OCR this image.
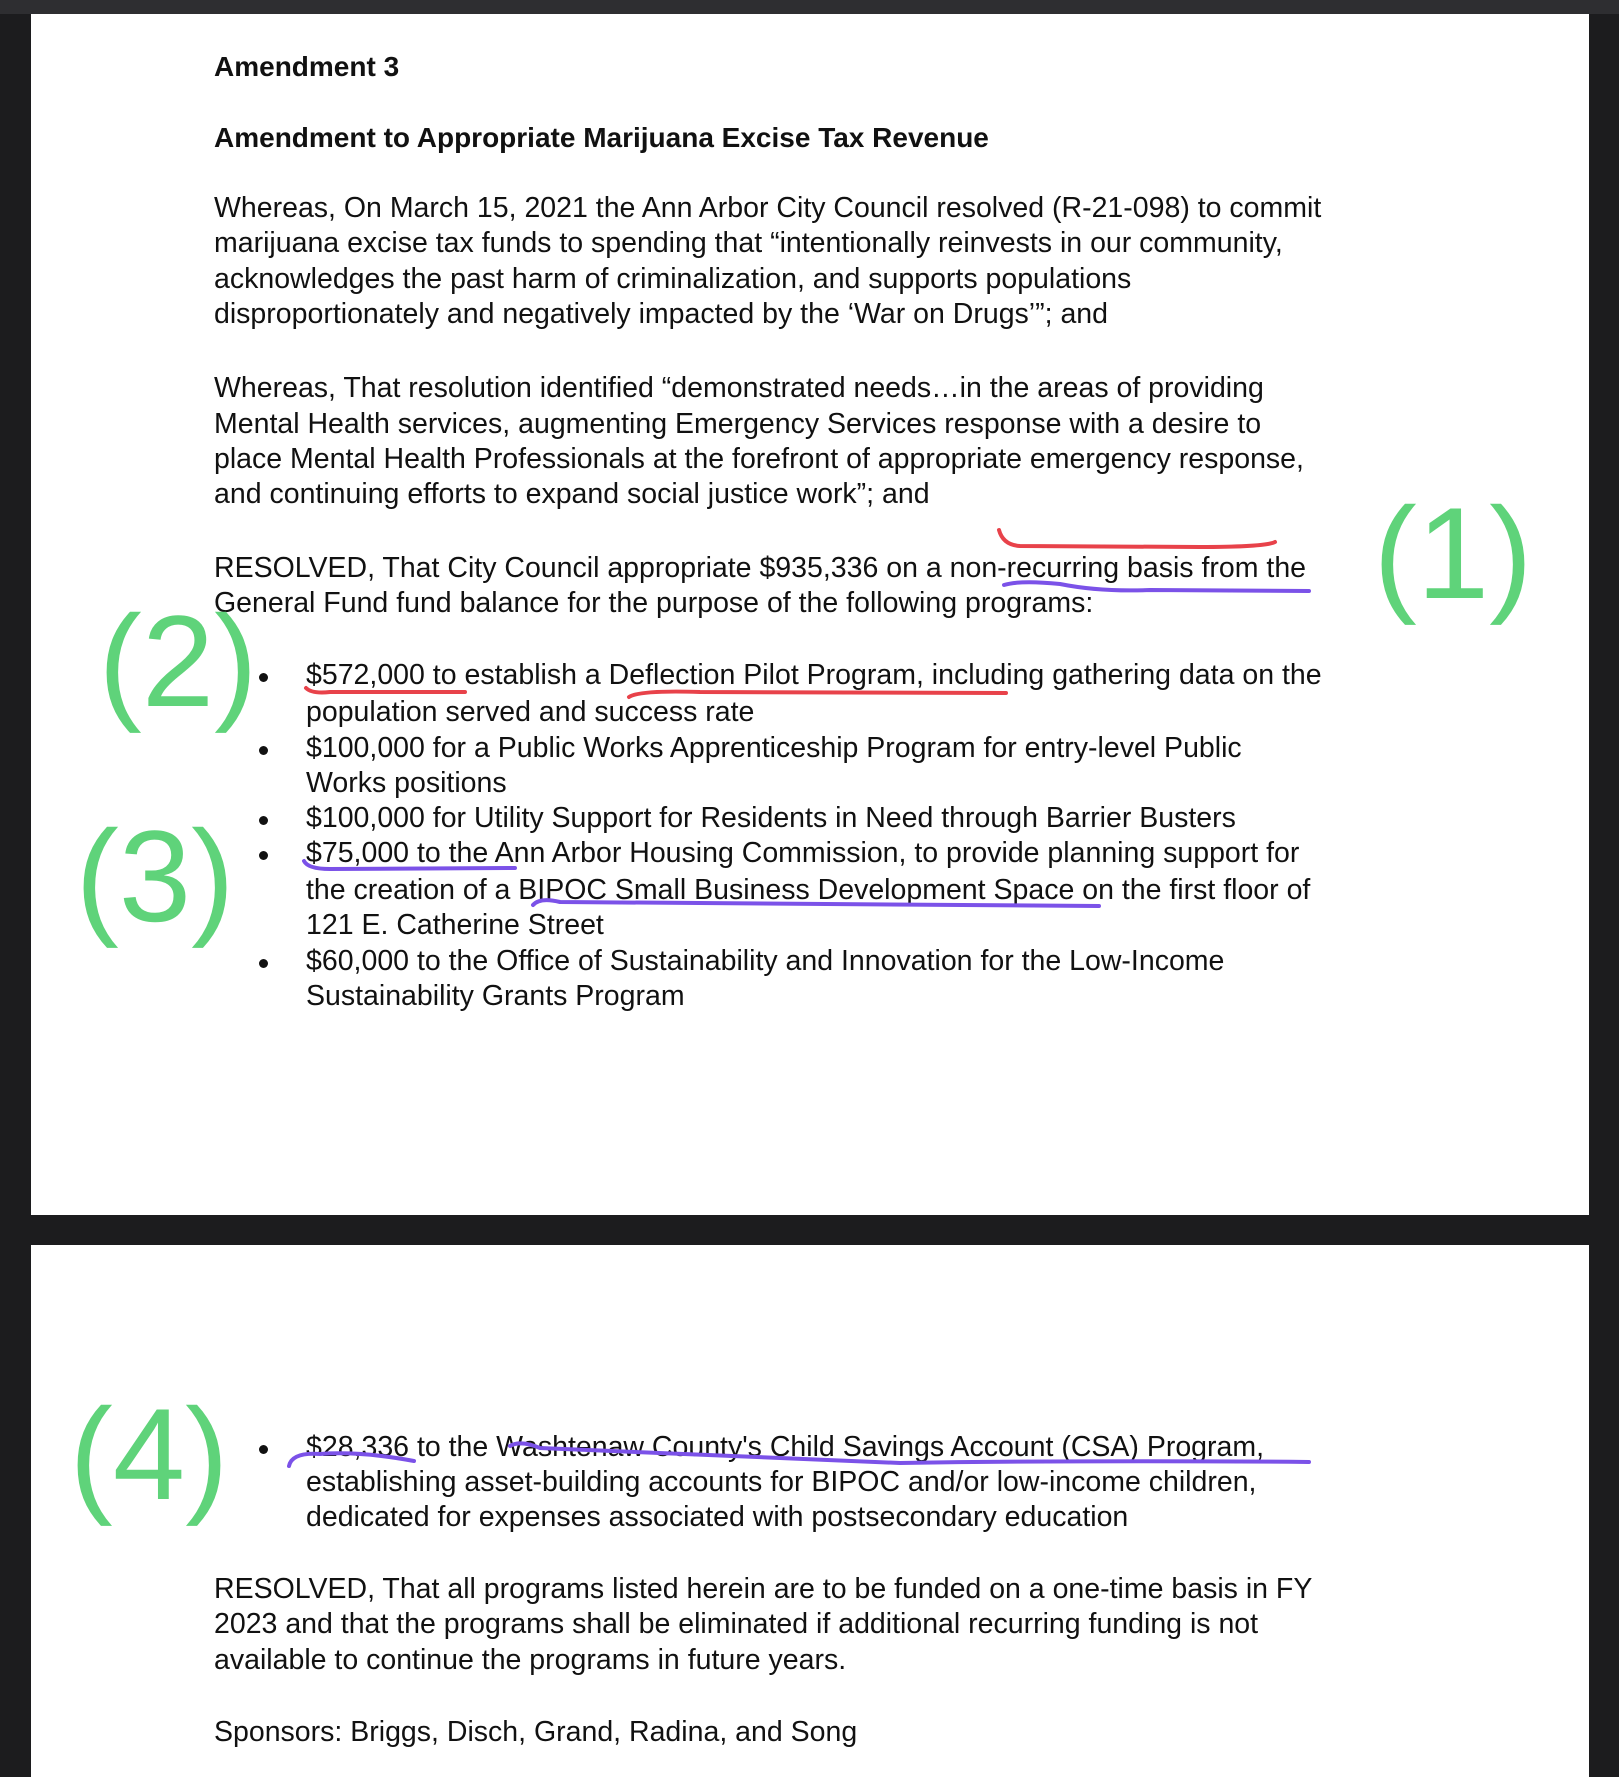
Amendment 3
Amendment to Appropriate Marijuana Excise Tax Revenue
Whereas, On March 15, 2021 the Ann Arbor City Council resolved (R-21-098) to commit
marijuana excise tax funds to spending that “intentionally reinvests in our community,
acknowledges the past harm of criminalization, and supports populations
disproportionately and negatively impacted by the ‘War on Drugs’”; and
Whereas, That resolution identified “demonstrated needs…in the areas of providing
Mental Health services, augmenting Emergency Services response with a desire to
place Mental Health Professionals at the forefront of appropriate emergency response,
and continuing efforts to expand social justice work”; and
RESOLVED, That City Council appropriate $935,336 on a non-recurring basis from the
General Fund fund balance for the purpose of the following programs:
$572,000 to establish a Deflection Pilot Program, including gathering data on the
population served and success rate
$100,000 for a Public Works Apprenticeship Program for entry-level Public
Works positions
$100,000 for Utility Support for Residents in Need through Barrier Busters
$75,000 to the Ann Arbor Housing Commission, to provide planning support for
the creation of a BIPOC Small Business Development Space on the first floor of
121 E. Catherine Street
$60,000 to the Office of Sustainability and Innovation for the Low-Income
Sustainability Grants Program
$28,336 to the Washtenaw County's Child Savings Account (CSA) Program,
establishing asset-building accounts for BIPOC and/or low-income children,
dedicated for expenses associated with postsecondary education
RESOLVED, That all programs listed herein are to be funded on a one-time basis in FY
2023 and that the programs shall be eliminated if additional recurring funding is not
available to continue the programs in future years.
Sponsors: Briggs, Disch, Grand, Radina, and Song
(1)
(2)
(3)
(4)
